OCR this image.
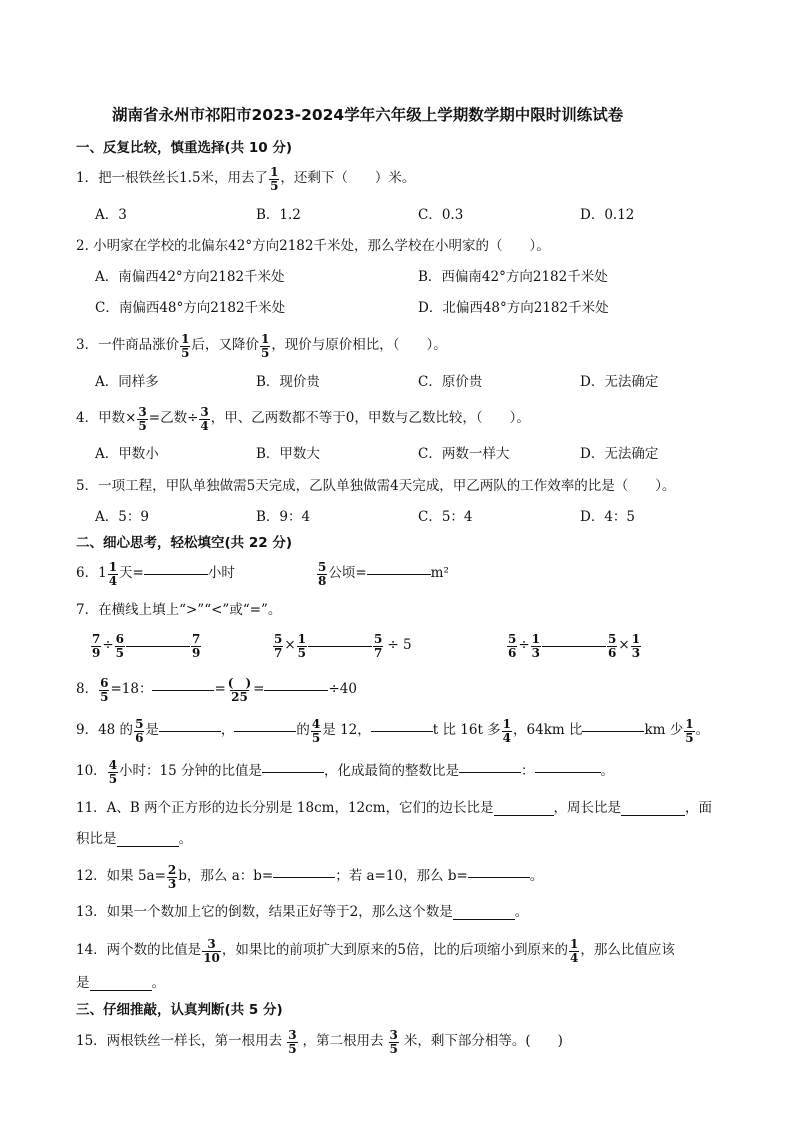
湖南省永州市祁阳市2023-2024学年六年级上学期数学期中限时训练试卷
一、反复比较，慎重选择(共 10 分)
1．把一根铁丝长1.5米，用去了 $\frac{1}{5}$ ，还剩下（　　）米。
A．3	B．1.2	C．0.3	D．0.12
2. 小明家在学校的北偏东42°方向2182千米处，那么学校在小明家的（　　）。
A．南偏西42°方向2182千米处	B．西偏南42°方向2182千米处
C．南偏西48°方向2182千米处	D．北偏西48°方向2182千米处
3．一件商品涨价 $\frac{1}{5}$ 后，又降价 $\frac{1}{5}$ ，现价与原价相比，（　　）。
A．同样多	B．现价贵	C．原价贵	D．无法确定
4．甲数× $\frac{3}{5}$ =乙数÷ $\frac{3}{4}$ ，甲、乙两数都不等于0，甲数与乙数比较，（　　）。
A．甲数小	B．甲数大	C．两数一样大	D．无法确定
5．一项工程，甲队单独做需5天完成，乙队单独做需4天完成，甲乙两队的工作效率的比是（　　）。
A．5：9	B．9：4	C．5：4	D．4：5
二、细心思考，轻松填空(共 22 分)
6． $1 \frac{1}{4}$ 天=	小时	$\frac{5}{8}$ 公顷=	m²
7．在横线上填上“>”“<”或“=”。
$\frac{7}{9} \div \frac{6}{5}$	$\frac{7}{9}$	$\frac{5}{7} \times \frac{1}{5}$	$\frac{5}{7} \div 5$	$\frac{5}{6} \div \frac{1}{3}$	$\frac{5}{6} \times \frac{1}{3}$
8． $\frac{6}{5} =18$：	= $\frac{( )}{25}$ =	÷40
9．48 的 $\frac{5}{6}$ 是	，	的 $\frac{4}{5}$ 是 12，	t 比 16t 多 $\frac{1}{4}$ ，64km 比	km 少 $\frac{1}{5}$ 。
10． $\frac{4}{5}$ 小时：15 分钟的比值是	，化成最简的整数比是	：	。
11．A、B 两个正方形的边长分别是 18cm，12cm，它们的边长比是	，周长比是	，面
积比是	。
12．如果 $5a= \frac{2}{3}$ b，那么 a：b=	；若 a=10，那么 b=	。
13．如果一个数加上它的倒数，结果正好等于2，那么这个数是	。
14．两个数的比值是 $\frac{3}{10}$ ，如果比的前项扩大到原来的5倍，比的后项缩小到原来的 $\frac{1}{4}$ ，那么比值应该
是	。
三、仔细推敲，认真判断(共 5 分)
15．两根铁丝一样长，第一根用去 $\frac{3}{5}$ ，第二根用去 $\frac{3}{5}$ 米，剩下部分相等。(　　)
